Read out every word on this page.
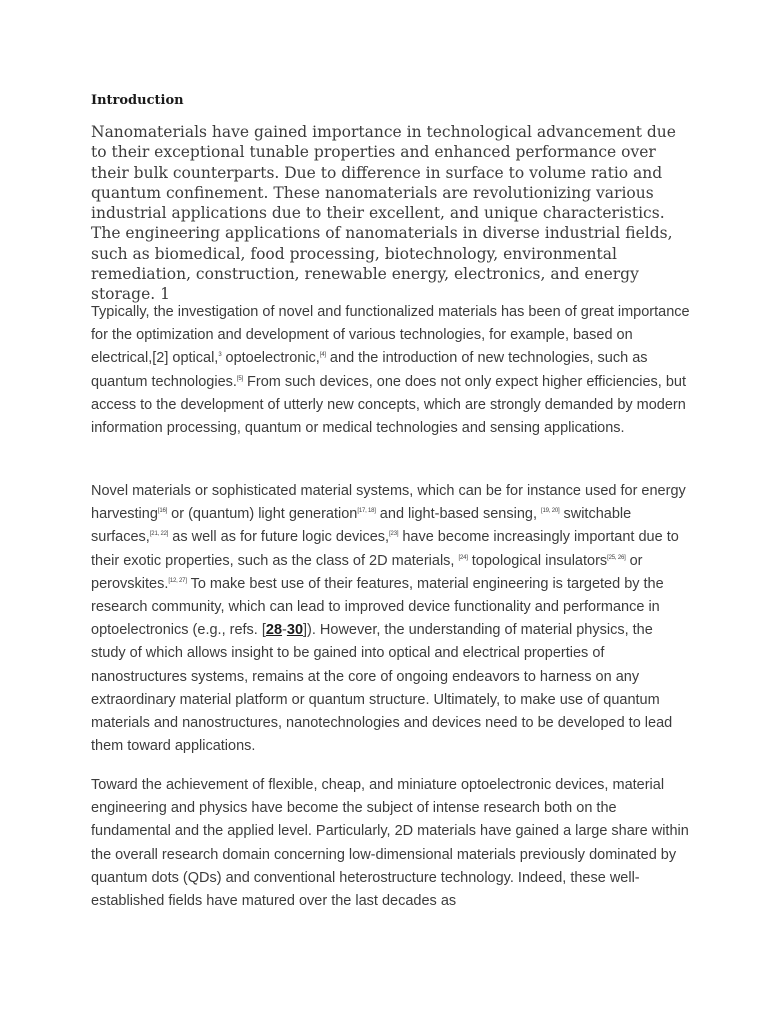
Introduction

Nanomaterials have gained importance in technological advancement due to their exceptional tunable properties and enhanced performance over their bulk counterparts. Due to difference in surface to volume ratio and quantum confinement. These nanomaterials are revolutionizing various industrial applications due to their excellent, and unique characteristics. The engineering applications of nanomaterials in diverse industrial fields, such as biomedical, food processing, biotechnology, environmental remediation, construction, renewable energy, electronics, and energy storage. 1

Typically, the investigation of novel and functionalized materials has been of great importance for the optimization and development of various technologies, for example, based on electrical,[2] optical,$^3$ optoelectronic,[4] and the introduction of new technologies, such as quantum technologies.[5] From such devices, one does not only expect higher efficiencies, but access to the development of utterly new concepts, which are strongly demanded by modern information processing, quantum or medical technologies and sensing applications.

Novel materials or sophisticated material systems, which can be for instance used for energy harvesting[16] or (quantum) light generation[17, 18] and light-based sensing, [19, 20] switchable surfaces,[21, 22] as well as for future logic devices,[23] have become increasingly important due to their exotic properties, such as the class of 2D materials, [24] topological insulators[25, 26] or perovskites.[12, 27] To make best use of their features, material engineering is targeted by the research community, which can lead to improved device functionality and performance in optoelectronics (e.g., refs. [28-30]). However, the understanding of material physics, the study of which allows insight to be gained into optical and electrical properties of nanostructures systems, remains at the core of ongoing endeavors to harness on any extraordinary material platform or quantum structure. Ultimately, to make use of quantum materials and nanostructures, nanotechnologies and devices need to be developed to lead them toward applications.

Toward the achievement of flexible, cheap, and miniature optoelectronic devices, material engineering and physics have become the subject of intense research both on the fundamental and the applied level. Particularly, 2D materials have gained a large share within the overall research domain concerning low-dimensional materials previously dominated by quantum dots (QDs) and conventional heterostructure technology. Indeed, these well-established fields have matured over the last decades as
